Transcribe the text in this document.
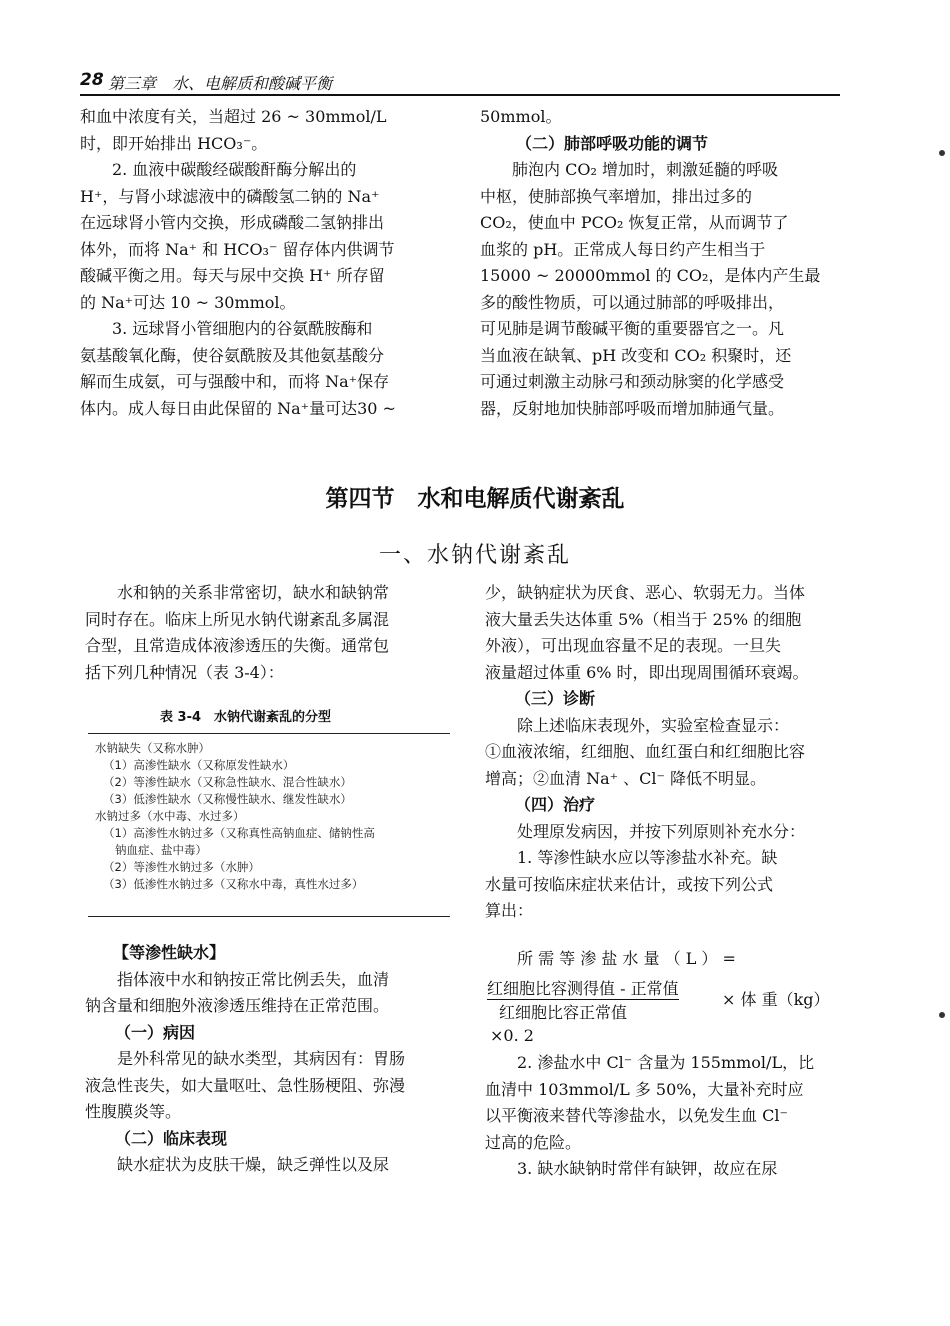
28 第三章　水、电解质和酸碱平衡
和血中浓度有关，当超过 26 ~ 30mmol/L
时，即开始排出 HCO₃⁻。
　　2. 血液中碳酸经碳酸酐酶分解出的
H⁺，与肾小球滤液中的磷酸氢二钠的 Na⁺
在远球肾小管内交换，形成磷酸二氢钠排出
体外，而将 Na⁺ 和 HCO₃⁻ 留存体内供调节
酸碱平衡之用。每天与尿中交换 H⁺ 所存留
的 Na⁺可达 10 ~ 30mmol。
　　3. 远球肾小管细胞内的谷氨酰胺酶和
氨基酸氧化酶，使谷氨酰胺及其他氨基酸分
解而生成氨，可与强酸中和，而将 Na⁺保存
体内。成人每日由此保留的 Na⁺量可达30 ~
50mmol。
（二）肺部呼吸功能的调节
　　肺泡内 CO₂ 增加时，刺激延髓的呼吸
中枢，使肺部换气率增加，排出过多的
CO₂，使血中 PCO₂ 恢复正常，从而调节了
血浆的 pH。正常成人每日约产生相当于
15000 ~ 20000mmol 的 CO₂，是体内产生最
多的酸性物质，可以通过肺部的呼吸排出，
可见肺是调节酸碱平衡的重要器官之一。凡
当血液在缺氧、pH 改变和 CO₂ 积聚时，还
可通过刺激主动脉弓和颈动脉窦的化学感受
器，反射地加快肺部呼吸而增加肺通气量。
第四节　水和电解质代谢紊乱
一、水钠代谢紊乱
　　水和钠的关系非常密切，缺水和缺钠常
同时存在。临床上所见水钠代谢紊乱多属混
合型，且常造成体液渗透压的失衡。通常包
括下列几种情况（表 3-4）：
表 3-4　水钠代谢紊乱的分型
水钠缺失（又称水肿）
（1）高渗性缺水（又称原发性缺水）
（2）等渗性缺水（又称急性缺水、混合性缺水）
（3）低渗性缺水（又称慢性缺水、继发性缺水）
水钠过多（水中毒、水过多）
（1）高渗性水钠过多（又称真性高钠血症、储钠性高
钠血症、盐中毒）
（2）等渗性水钠过多（水肿）
（3）低渗性水钠过多（又称水中毒，真性水过多）
【等渗性缺水】
　　指体液中水和钠按正常比例丢失，血清
钠含量和细胞外液渗透压维持在正常范围。
（一）病因
　　是外科常见的缺水类型，其病因有：胃肠
液急性丧失，如大量呕吐、急性肠梗阻、弥漫
性腹膜炎等。
（二）临床表现
　　缺水症状为皮肤干燥，缺乏弹性以及尿
少，缺钠症状为厌食、恶心、软弱无力。当体
液大量丢失达体重 5%（相当于 25% 的细胞
外液），可出现血容量不足的表现。一旦失
液量超过体重 6% 时，即出现周围循环衰竭。
（三）诊断
　　除上述临床表现外，实验室检查显示：
①血液浓缩，红细胞、血红蛋白和红细胞比容
增高；②血清 Na⁺ 、Cl⁻ 降低不明显。
（四）治疗
　　处理原发病因，并按下列原则补充水分：
　　1. 等渗性缺水应以等渗盐水补充。缺
水量可按临床症状来估计，或按下列公式
算出：
　　所 需 等 渗 盐 水 量 （ L ） =
红细胞比容测得值 - 正常值
红细胞比容正常值
× 体 重（kg）
×0. 2
　　2. 渗盐水中 Cl⁻ 含量为 155mmol/L，比
血清中 103mmol/L 多 50%，大量补充时应
以平衡液来替代等渗盐水，以免发生血 Cl⁻
过高的危险。
　　3. 缺水缺钠时常伴有缺钾，故应在尿
